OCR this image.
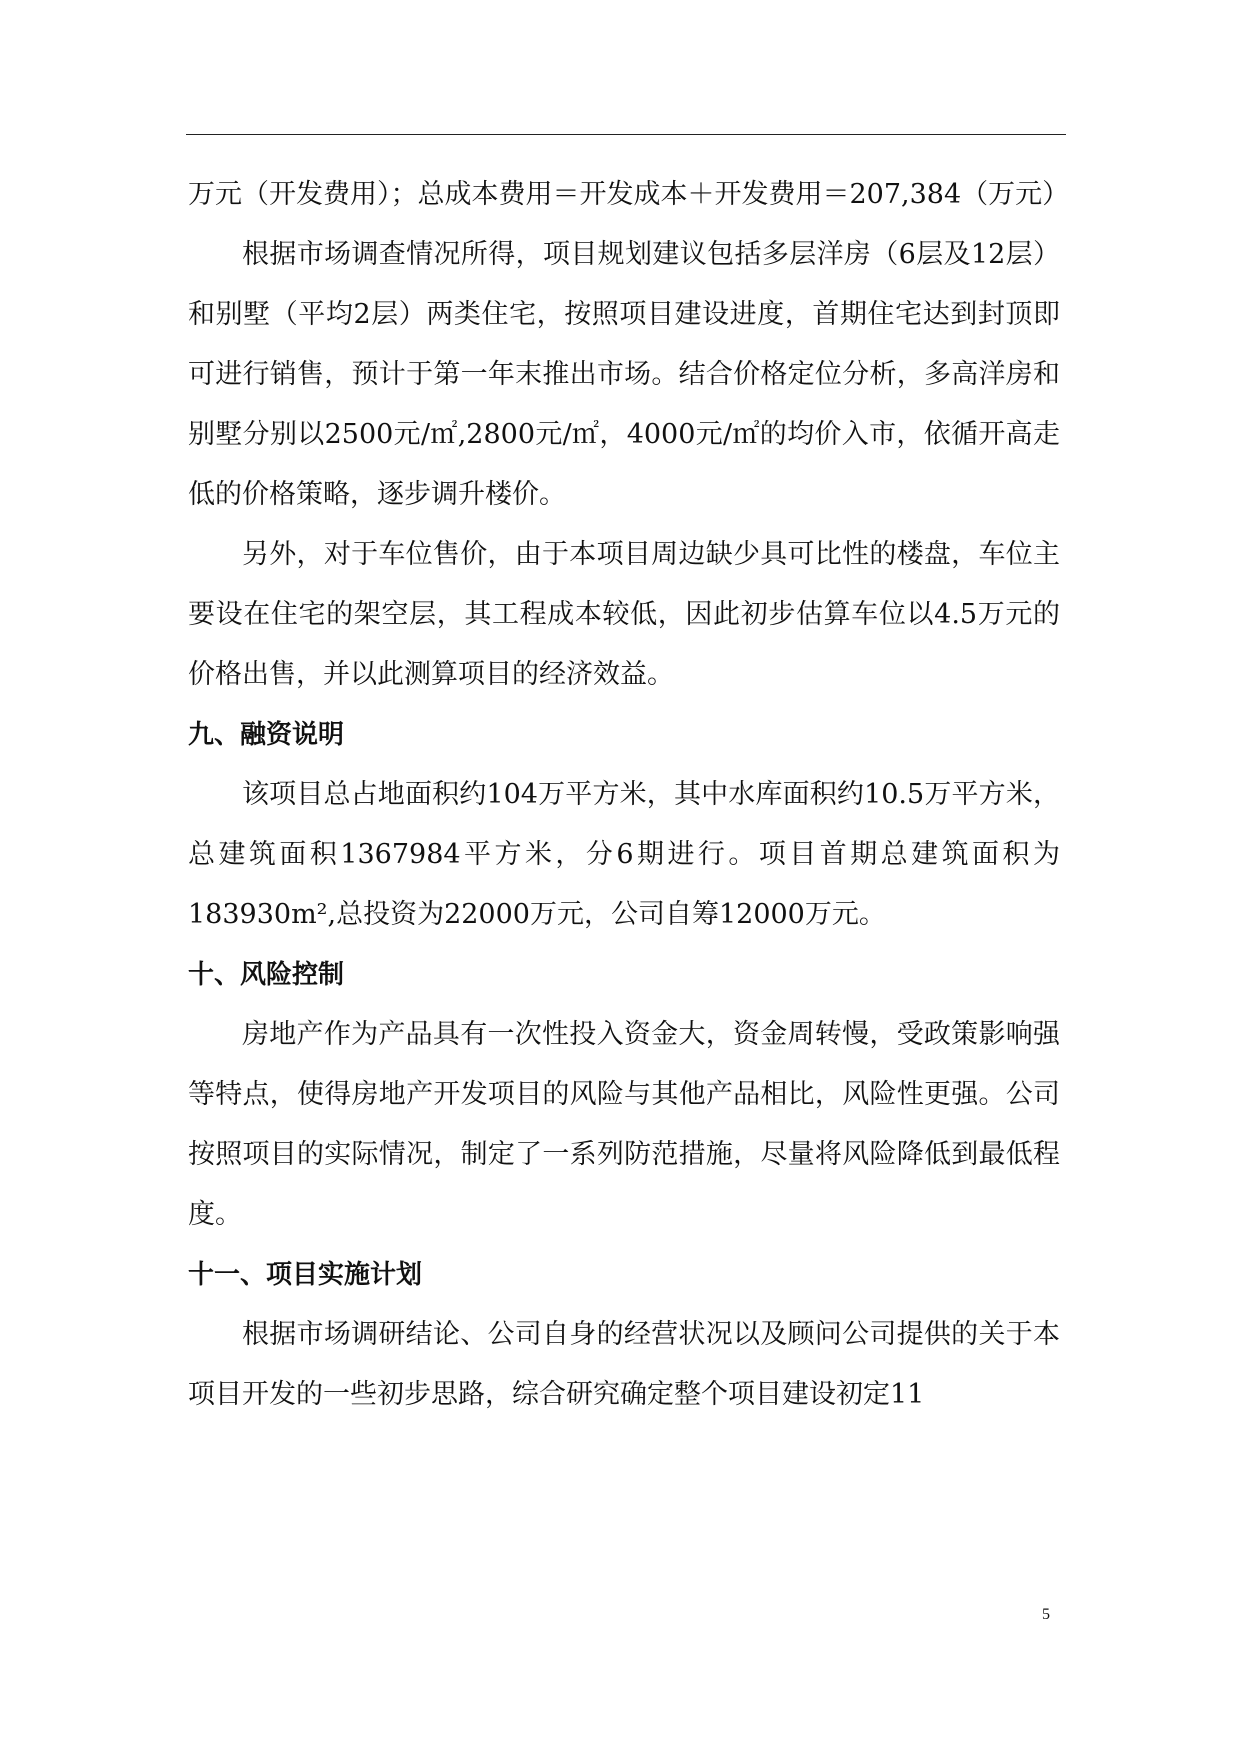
万元（开发费用）；总成本费用＝开发成本＋开发费用＝207,384（万元）

根据市场调查情况所得，项目规划建议包括多层洋房（6层及12层）和别墅（平均2层）两类住宅，按照项目建设进度，首期住宅达到封顶即可进行销售，预计于第一年末推出市场。结合价格定位分析，多高洋房和别墅分别以2500元/㎡,2800元/㎡，4000元/㎡的均价入市，依循开高走低的价格策略，逐步调升楼价。

另外，对于车位售价，由于本项目周边缺少具可比性的楼盘，车位主要设在住宅的架空层，其工程成本较低，因此初步估算车位以4.5万元的价格出售，并以此测算项目的经济效益。

九、融资说明

该项目总占地面积约104万平方米，其中水库面积约10.5万平方米，总建筑面积1367984平方米，分6期进行。项目首期总建筑面积为183930m²,总投资为22000万元，公司自筹12000万元。

十、风险控制

房地产作为产品具有一次性投入资金大，资金周转慢，受政策影响强等特点，使得房地产开发项目的风险与其他产品相比，风险性更强。公司按照项目的实际情况，制定了一系列防范措施，尽量将风险降低到最低程度。

十一、项目实施计划

根据市场调研结论、公司自身的经营状况以及顾问公司提供的关于本项目开发的一些初步思路，综合研究确定整个项目建设初定11

5
